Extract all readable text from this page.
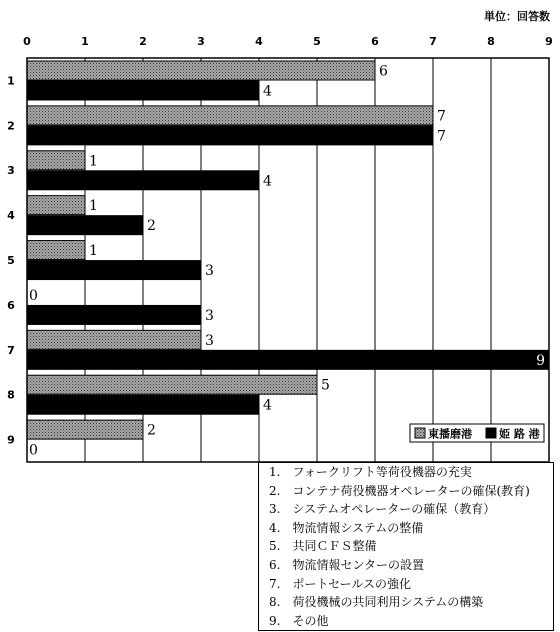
単位：回答数
0	1	2	3	4	5	6	7	8	9
1
2
3
4
5
6
7
8
9
6
4
7
7
1
4
1
2
1
3
0
3
3
9
5
4
2
0
東播磨港 姫 路 港
1.　フォークリフト等荷役機器の充実
2.　コンテナ荷役機器オペレーターの確保(教育)
3.　システムオペレーターの確保（教育）
4.　物流情報システムの整備
5.　共同ＣＦＳ整備
6.　物流情報センターの設置
7.　ポートセールスの強化
8.　荷役機械の共同利用システムの構築
9.　その他
